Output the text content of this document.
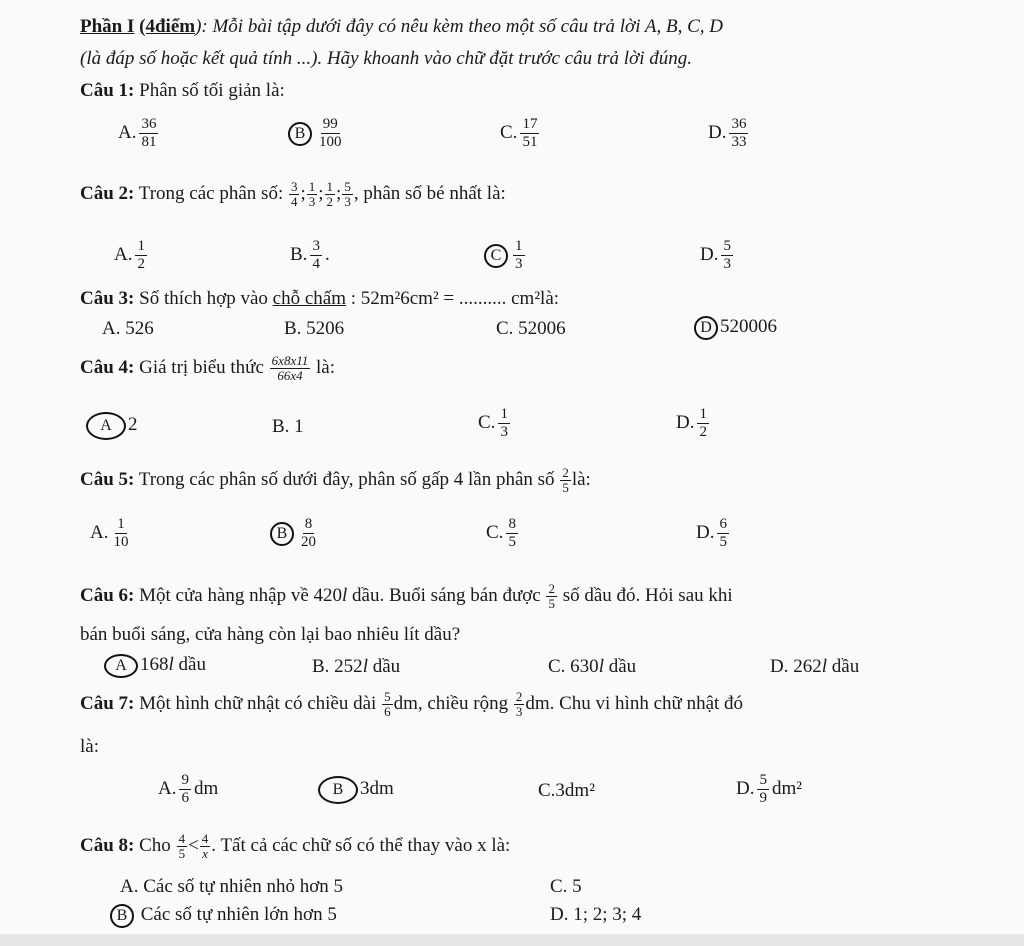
Phần I (4điểm): Mỗi bài tập dưới đây có nêu kèm theo một số câu trả lời A, B, C, D
(là đáp số hoặc kết quả tính ...). Hãy khoanh vào chữ đặt trước câu trả lời đúng.
Câu 1: Phân số tối giản là:
A. $\frac{36}{81}$	B $\frac{99}{100}$	C. $\frac{17}{51}$	D. $\frac{36}{33}$
Câu 2: Trong các phân số: $\frac{3}{4}$ ; $\frac{1}{3}$ ; $\frac{1}{2}$ ; $\frac{5}{3}$ , phân số bé nhất là:
A. $\frac{1}{2}$	B. $\frac{3}{4}$ .	C $\frac{1}{3}$	D. $\frac{5}{3}$
Câu 3: Số thích hợp vào chỗ chấm : 52m²6cm² = .......... cm²là:
A. 526	B. 5206	C. 52006	D 520006
Câu 4: Giá trị biểu thức $\frac{6x8x11}{66x4}$ là:
A 2	B. 1	C. $\frac{1}{3}$	D. $\frac{1}{2}$
Câu 5: Trong các phân số dưới đây, phân số gấp 4 lần phân số $\frac{2}{5}$ là:
A. $\frac{1}{10}$	B $\frac{8}{20}$	C. $\frac{8}{5}$	D. $\frac{6}{5}$
Câu 6: Một cửa hàng nhập về 420l dầu. Buổi sáng bán được $\frac{2}{5}$ số dầu đó. Hỏi sau khi
bán buổi sáng, cửa hàng còn lại bao nhiêu lít dầu?
A 168l dầu	B. 252l dầu	C. 630l dầu	D. 262l dầu
Câu 7: Một hình chữ nhật có chiều dài $\frac{5}{6}$ dm, chiều rộng $\frac{2}{3}$ dm. Chu vi hình chữ nhật đó
là:
A. $\frac{9}{6}$ dm	B 3dm	C.3dm²	D. $\frac{5}{9} dm^2$
Câu 8: Cho $\frac{4}{5} < \frac{4}{x}$ . Tất cả các chữ số có thể thay vào x là:
A. Các số tự nhiên nhỏ hơn 5	C. 5
B Các số tự nhiên lớn hơn 5	D. 1; 2; 3; 4
